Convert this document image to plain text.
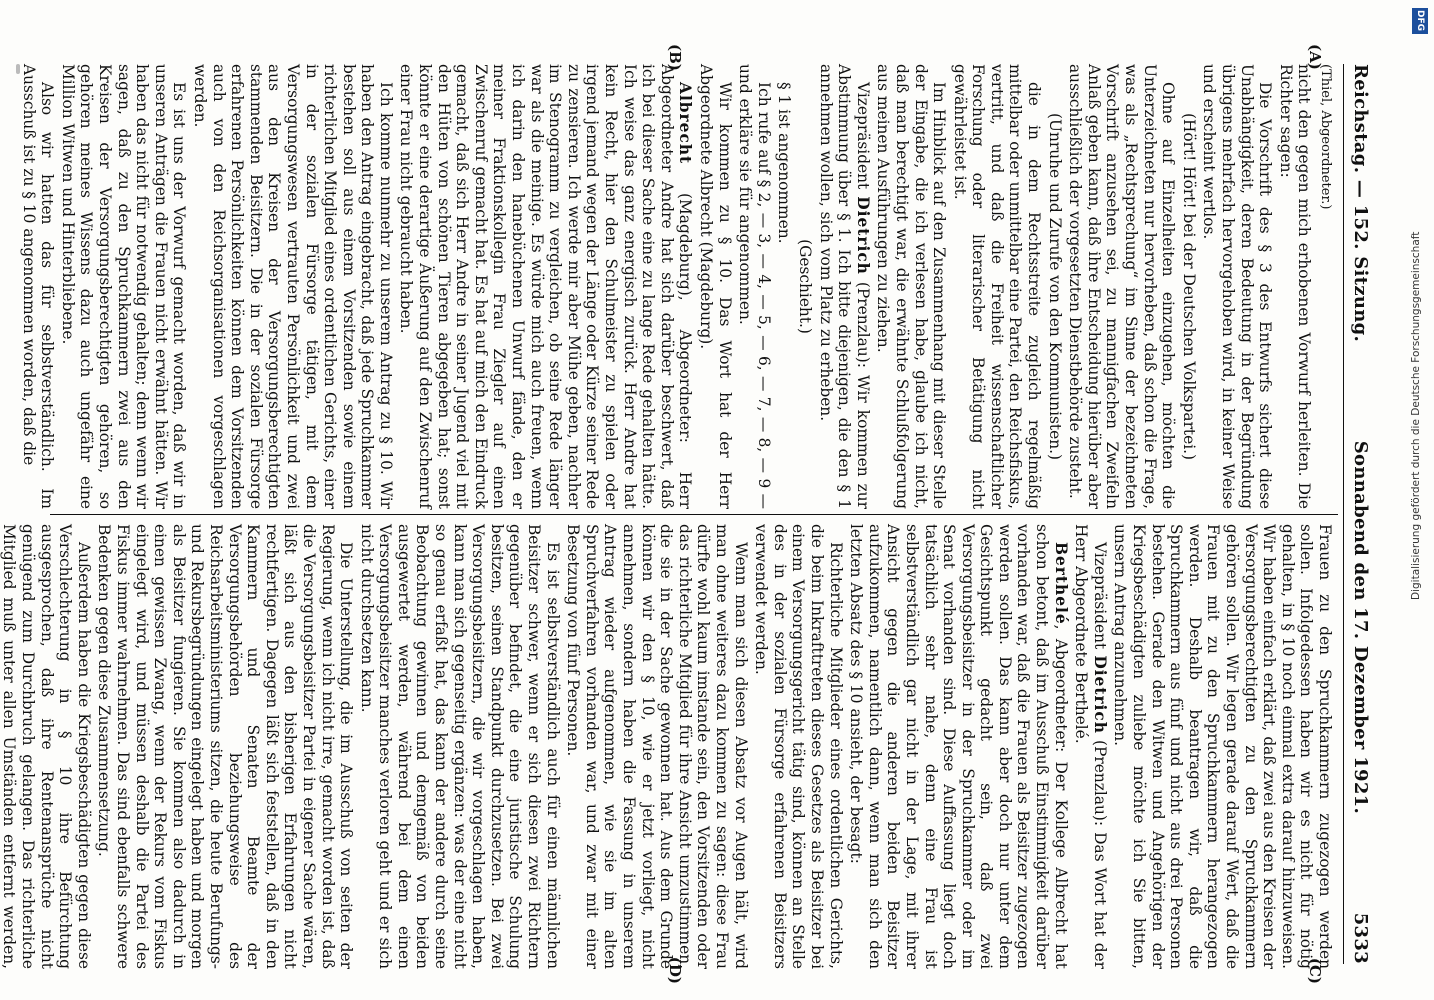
Reichstag. — 152. Sitzung.
Sonnabend den 17. Dezember 1921.
5333
(A)
(B)
(C)
(D)

(Thiel, Abgeordneter.)

nicht den gegen mich erhobenen Vorwurf herleiten. Die Richter sagen:

Die Vorschrift des § 3 des Entwurfs sichert diese Unabhängigkeit, deren Bedeutung in der Begründung übrigens mehrfach hervorgehoben wird, in keiner Weise und erscheint wertlos.

(Hört! Hört! bei der Deutschen Volkspartei.)

Ohne auf Einzelheiten einzugehen, möchten die Unterzeichneten nur hervorheben, daß schon die Frage, was als „Rechtsprechung“ im Sinne der bezeichneten Vorschrift anzusehen sei, zu mannigfachen Zweifeln Anlaß geben kann, daß ihre Entscheidung hierüber aber ausschließlich der vorgesetzten Dienstbehörde zusteht.

(Unruhe und Zurufe von den Kommunisten.)

die in dem Rechtsstreite zugleich regelmäßig mittelbar oder unmittelbar eine Partei, den Reichsfiskus, vertritt, und daß die Freiheit wissenschaftlicher Forschung oder literarischer Betätigung nicht gewährleistet ist.

Im Hinblick auf den Zusammenhang mit dieser Stelle der Eingabe, die ich verlesen habe, glaube ich nicht, daß man berechtigt war, die erwähnte Schlußfolgerung aus meinen Ausführungen zu ziehen.

Vizepräsident Dietrich (Prenzlau): Wir kommen zur Abstimmung über § 1. Ich bitte diejenigen, die den § 1 annehmen wollen, sich vom Platz zu erheben.

(Geschieht.)

§ 1 ist angenommen.

Ich rufe auf § 2, — 3, — 4, — 5, — 6, — 7, — 8, — 9 — und erkläre sie für angenommen.

Wir kommen zu § 10. Das Wort hat der Herr Abgeordnete Albrecht (Magdeburg).

Albrecht (Magdeburg), Abgeordneter: Herr Abgeordneter Andre hat sich darüber beschwert, daß ich bei dieser Sache eine zu lange Rede gehalten hätte. Ich weise das ganz energisch zurück. Herr Andre hat kein Recht, hier den Schulmeister zu spielen oder irgend jemand wegen der Länge oder Kürze seiner Rede zu zensieren. Ich werde mir aber Mühe geben, nachher im Stenogramm zu vergleichen, ob seine Rede länger war als die meinige. Es würde mich auch freuen, wenn ich darin den hanebüchenen Unwurf fände, den er meiner Fraktionskollegin Frau Ziegler auf einen Zwischenruf gemacht hat. Es hat auf mich den Eindruck gemacht, daß sich Herr Andre in seiner Jugend viel mit den Hüten von schönen Tieren abgegeben hat; sonst könnte er eine derartige Äußerung auf den Zwischenruf einer Frau nicht gebraucht haben.

Ich komme nunmehr zu unserem Antrag zu § 10. Wir haben den Antrag eingebracht, daß jede Spruchkammer bestehen soll aus einem Vorsitzenden sowie einem richterlichen Mitglied eines ordentlichen Gerichts, einer in der sozialen Fürsorge tätigen, mit dem Versorgungswesen vertrauten Persönlichkeit und zwei aus den Kreisen der Versorgungsberechtigten stammenden Beisitzern. Die in der sozialen Fürsorge erfahrenen Persönlichkeiten können dem Vorsitzenden auch von den Reichsorganisationen vorgeschlagen werden.

Es ist uns der Vorwurf gemacht worden, daß wir in unseren Anträgen die Frauen nicht erwähnt hätten. Wir haben das nicht für notwendig gehalten; denn wenn wir sagen, daß zu den Spruchkammern zwei aus den Kreisen der Versorgungsberechtigten gehören, so gehören meines Wissens dazu auch ungefähr eine Million Witwen und Hinterbliebene.

Also wir hatten das für selbstverständlich. Im Ausschuß ist zu § 10 angenommen worden, daß die

Frauen zu den Spruchkammern zugezogen werden sollen. Infolgedessen haben wir es nicht für nötig gehalten, in § 10 noch einmal extra darauf hinzuweisen. Wir haben einfach erklärt, daß zwei aus den Kreisen der Versorgungsberechtigten zu den Spruchkammern gehören sollen. Wir legen gerade darauf Wert, daß die Frauen mit zu den Spruchkammern herangezogen werden. Deshalb beantragen wir, daß die Spruchkammern aus fünf und nicht aus drei Personen bestehen. Gerade den Witwen und Angehörigen der Kriegsbeschädigten zuliebe möchte ich Sie bitten, unsern Antrag anzunehmen.

Vizepräsident Dietrich (Prenzlau): Das Wort hat der Herr Abgeordnete Berthelé.

Berthelé, Abgeordneter: Der Kollege Albrecht hat schon betont, daß im Ausschuß Einstimmigkeit darüber vorhanden war, daß die Frauen als Beisitzer zugezogen werden sollen. Das kann aber doch nur unter dem Gesichtspunkt gedacht sein, daß zwei Versorgungsbeisitzer in der Spruchkammer oder im Senat vorhanden sind. Diese Auffassung liegt doch tatsächlich sehr nahe, denn eine Frau ist selbstverständlich gar nicht in der Lage, mit ihrer Ansicht gegen die anderen beiden Beisitzer aufzukommen, namentlich dann, wenn man sich den letzten Absatz des § 10 ansieht, der besagt:

Richterliche Mitglieder eines ordentlichen Gerichts, die beim Inkrafttreten dieses Gesetzes als Beisitzer bei einem Versorgungsgericht tätig sind, können an Stelle des in der sozialen Fürsorge erfahrenen Beisitzers verwendet werden.

Wenn man sich diesen Absatz vor Augen hält, wird man ohne weiteres dazu kommen zu sagen: diese Frau dürfte wohl kaum imstande sein, den Vorsitzenden oder das richterliche Mitglied für ihre Ansicht umzustimmen, die sie in der Sache gewonnen hat. Aus dem Grunde können wir den § 10, wie er jetzt vorliegt, nicht annehmen, sondern haben die Fassung in unserem Antrag wieder aufgenommen, wie sie im alten Spruchverfahren vorhanden war, und zwar mit einer Besetzung von fünf Personen.

Es ist selbstverständlich auch für einen männlichen Beisitzer schwer, wenn er sich diesen zwei Richtern gegenüber befindet, die eine juristische Schulung besitzen, seinen Standpunkt durchzusetzen. Bei zwei Versorgungsbeisitzern, die wir vorgeschlagen haben, kann man sich gegenseitig ergänzen: was der eine nicht so genau erfaßt hat, das kann der andere durch seine Beobachtung gewinnen und demgemäß von beiden ausgewertet werden, während bei dem einen Versorgungsbeisitzer manches verloren geht und er sich nicht durchsetzen kann.

Die Unterstellung, die im Ausschuß von seiten der Regierung, wenn ich nicht irre, gemacht worden ist, daß die Versorgungsbeisitzer Partei in eigener Sache wären, läßt sich aus den bisherigen Erfahrungen nicht rechtfertigen. Dagegen läßt sich feststellen, daß in den Kammern und Senaten Beamte der Versorgungsbehörden beziehungsweise des Reichsarbeitsministeriums sitzen, die heute Berufungs- und Rekursbegründungen eingelegt haben und morgen als Beisitzer fungieren. Sie kommen also dadurch in einen gewissen Zwang, wenn der Rekurs vom Fiskus eingelegt wird, und müssen deshalb die Partei des Fiskus immer wahrnehmen. Das sind ebenfalls schwere Bedenken gegen diese Zusammensetzung.

Außerdem haben die Kriegsbeschädigten gegen diese Verschlechterung in § 10 ihre Befürchtung ausgesprochen, daß ihre Rentenansprüche nicht genügend zum Durchbruch gelangen. Das richterliche Mitglied muß unter allen Umständen entfernt werden,

DFG
Digitalisierung gefördert durch die Deutsche Forschungsgemeinschaft
